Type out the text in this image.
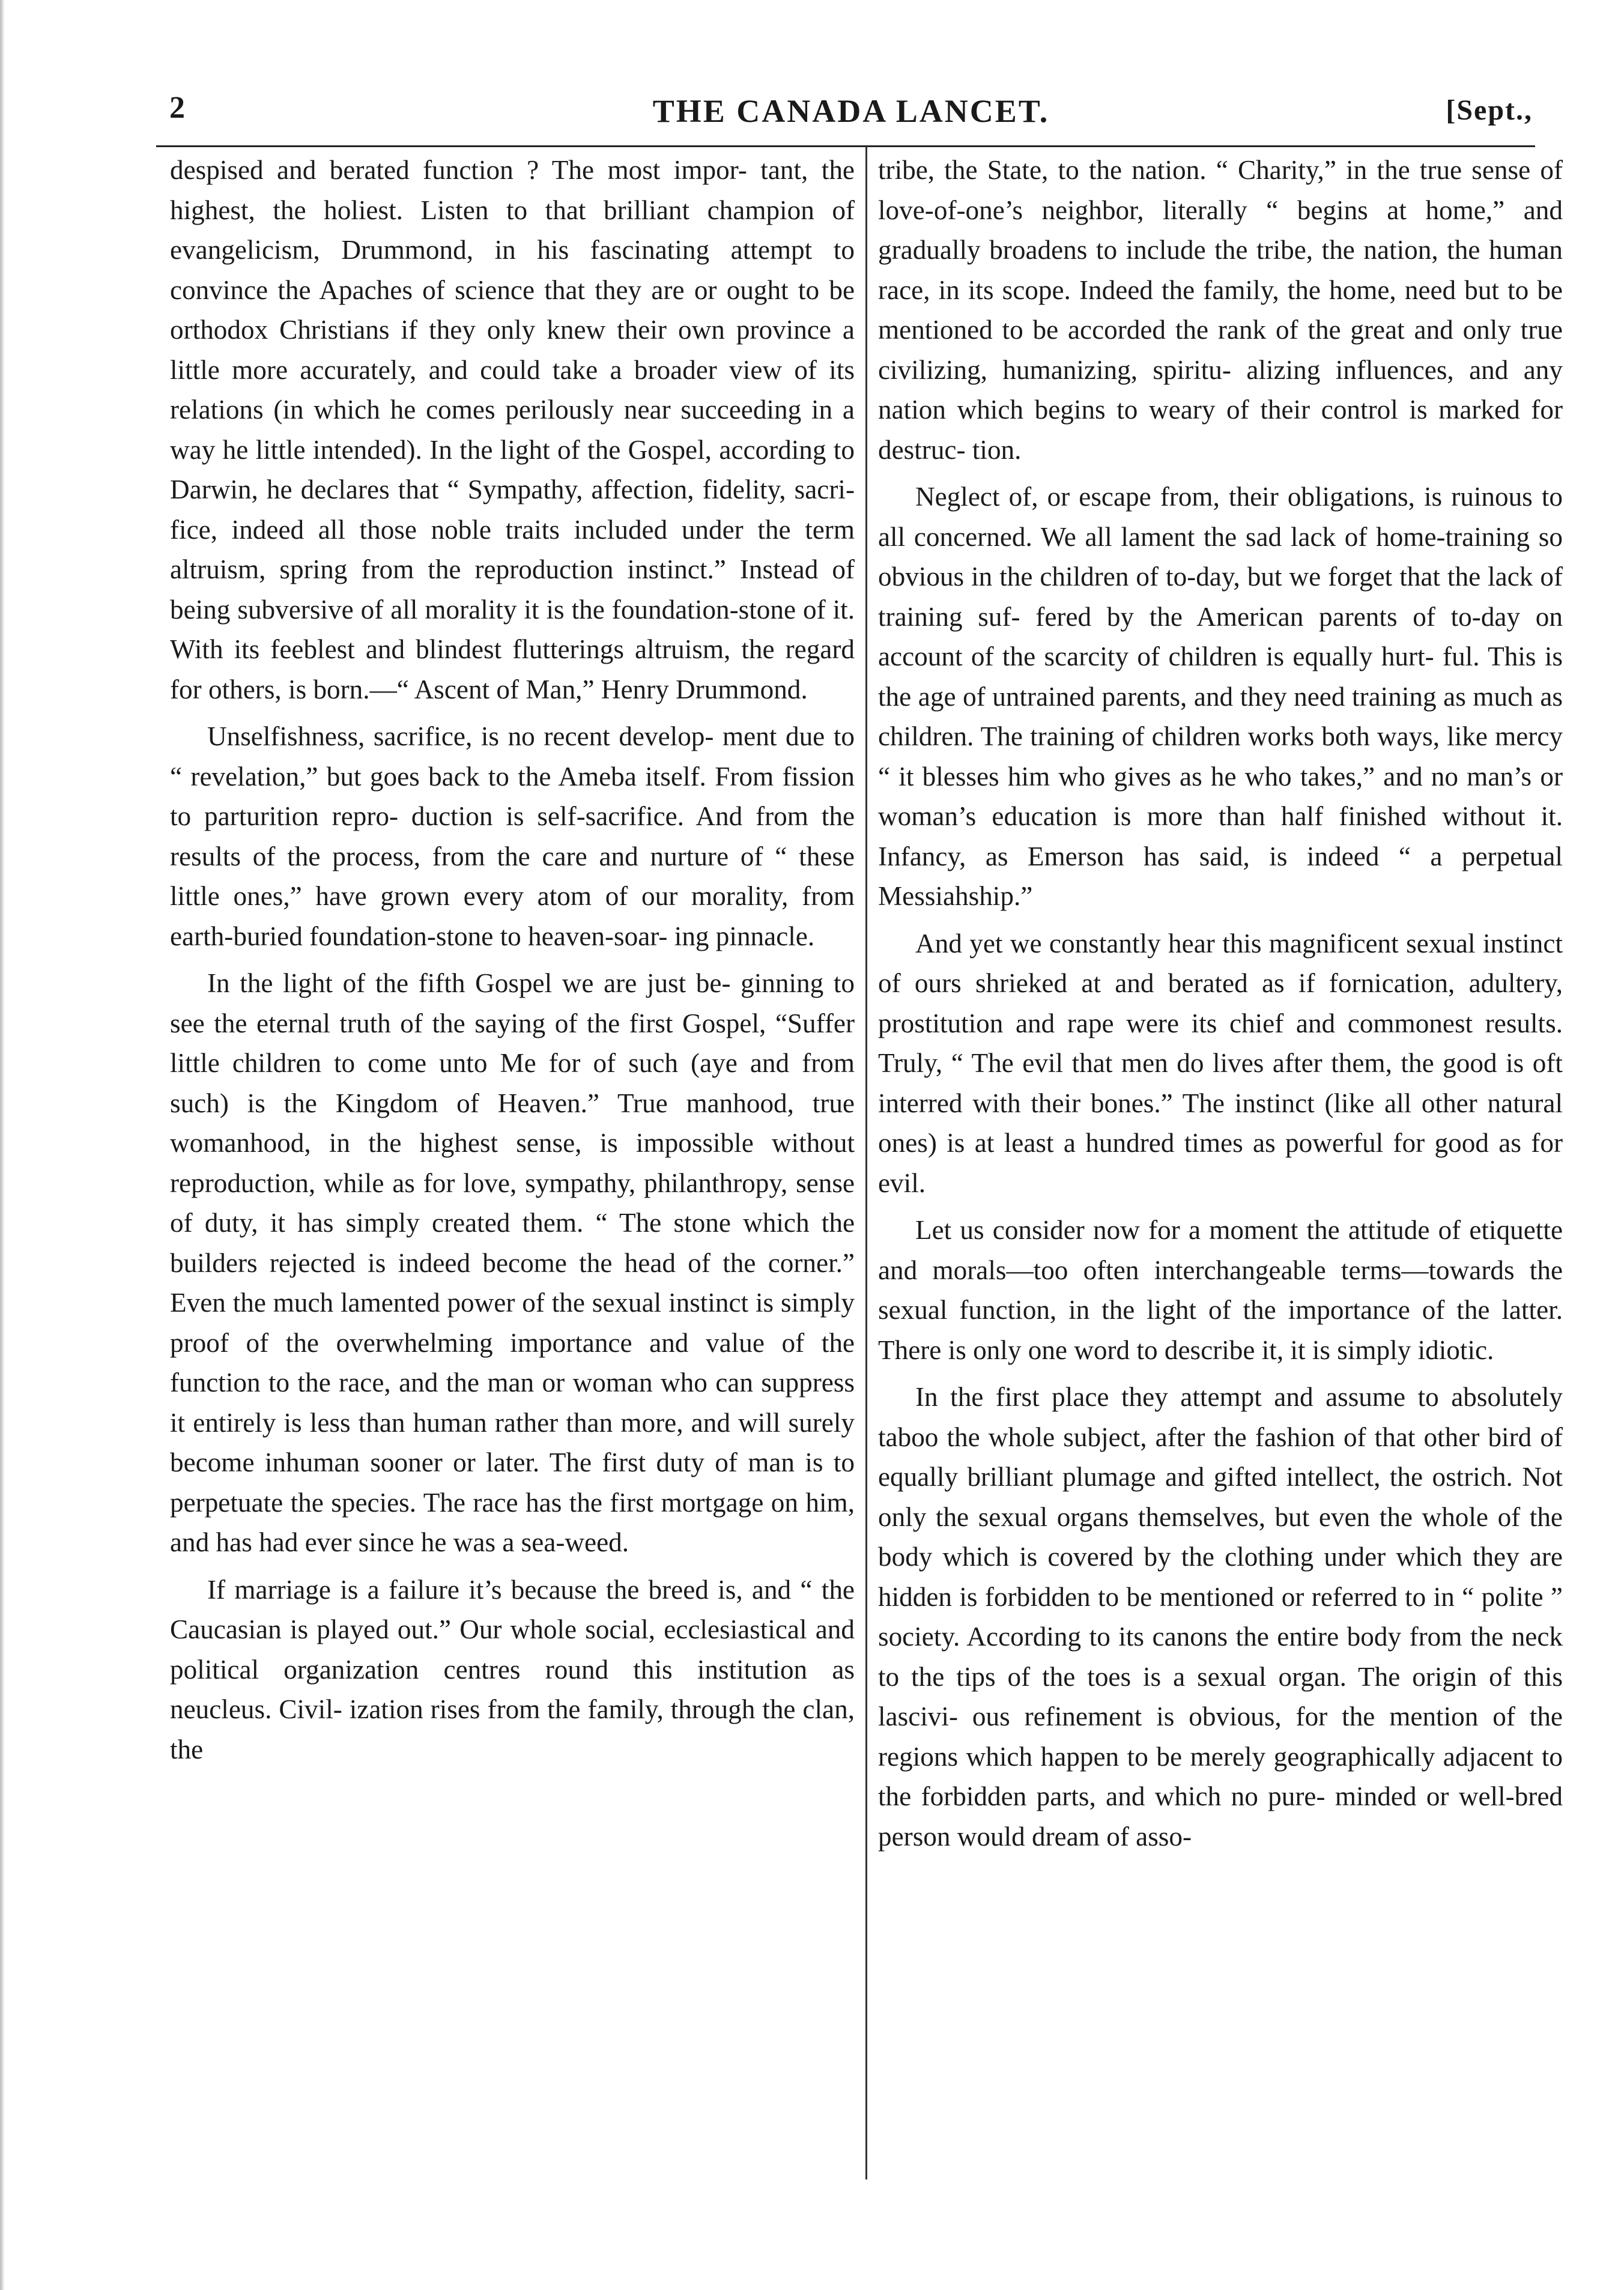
2	THE CANADA LANCET.	[Sept.,

despised and berated function ? The most impor- tant, the highest, the holiest. Listen to that brilliant champion of evangelicism, Drummond, in his fascinating attempt to convince the Apaches of science that they are or ought to be orthodox Christians if they only knew their own province a little more accurately, and could take a broader view of its relations (in which he comes perilously near succeeding in a way he little intended). In the light of the Gospel, according to Darwin, he declares that “ Sympathy, affection, fidelity, sacri- fice, indeed all those noble traits included under the term altruism, spring from the reproduction instinct.” Instead of being subversive of all morality it is the foundation-stone of it. With its feeblest and blindest flutterings altruism, the regard for others, is born.—“ Ascent of Man,” Henry Drummond.

Unselfishness, sacrifice, is no recent develop- ment due to “ revelation,” but goes back to the Ameba itself. From fission to parturition repro- duction is self-sacrifice. And from the results of the process, from the care and nurture of “ these little ones,” have grown every atom of our morality, from earth-buried foundation-stone to heaven-soar- ing pinnacle.

In the light of the fifth Gospel we are just be- ginning to see the eternal truth of the saying of the first Gospel, “Suffer little children to come unto Me for of such (aye and from such) is the Kingdom of Heaven.” True manhood, true womanhood, in the highest sense, is impossible without reproduction, while as for love, sympathy, philanthropy, sense of duty, it has simply created them. “ The stone which the builders rejected is indeed become the head of the corner.” Even the much lamented power of the sexual instinct is simply proof of the overwhelming importance and value of the function to the race, and the man or woman who can suppress it entirely is less than human rather than more, and will surely become inhuman sooner or later. The first duty of man is to perpetuate the species. The race has the first mortgage on him, and has had ever since he was a sea-weed.

If marriage is a failure it’s because the breed is, and “ the Caucasian is played out.” Our whole social, ecclesiastical and political organization centres round this institution as neucleus. Civil- ization rises from the family, through the clan, the

tribe, the State, to the nation. “ Charity,” in the true sense of love-of-one’s neighbor, literally “ begins at home,” and gradually broadens to include the tribe, the nation, the human race, in its scope. Indeed the family, the home, need but to be mentioned to be accorded the rank of the great and only true civilizing, humanizing, spiritu- alizing influences, and any nation which begins to weary of their control is marked for destruc- tion.

Neglect of, or escape from, their obligations, is ruinous to all concerned. We all lament the sad lack of home-training so obvious in the children of to-day, but we forget that the lack of training suf- fered by the American parents of to-day on account of the scarcity of children is equally hurt- ful. This is the age of untrained parents, and they need training as much as children. The training of children works both ways, like mercy “ it blesses him who gives as he who takes,” and no man’s or woman’s education is more than half finished without it. Infancy, as Emerson has said, is indeed “ a perpetual Messiahship.”

And yet we constantly hear this magnificent sexual instinct of ours shrieked at and berated as if fornication, adultery, prostitution and rape were its chief and commonest results. Truly, “ The evil that men do lives after them, the good is oft interred with their bones.” The instinct (like all other natural ones) is at least a hundred times as powerful for good as for evil.

Let us consider now for a moment the attitude of etiquette and morals—too often interchangeable terms—towards the sexual function, in the light of the importance of the latter. There is only one word to describe it, it is simply idiotic.

In the first place they attempt and assume to absolutely taboo the whole subject, after the fashion of that other bird of equally brilliant plumage and gifted intellect, the ostrich. Not only the sexual organs themselves, but even the whole of the body which is covered by the clothing under which they are hidden is forbidden to be mentioned or referred to in “ polite ” society. According to its canons the entire body from the neck to the tips of the toes is a sexual organ. The origin of this lascivi- ous refinement is obvious, for the mention of the regions which happen to be merely geographically adjacent to the forbidden parts, and which no pure- minded or well-bred person would dream of asso-
